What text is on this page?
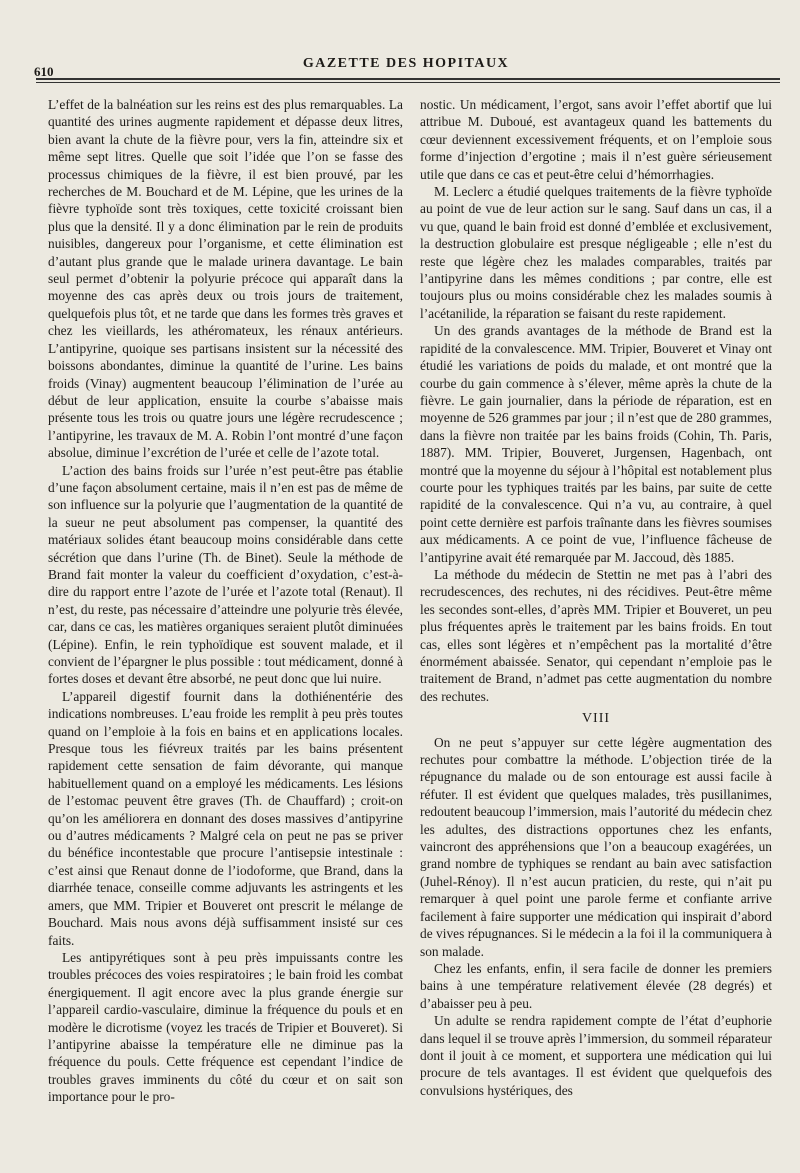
610
GAZETTE DES HOPITAUX

L’effet de la balnéation sur les reins est des plus remarquables. La quantité des urines augmente rapidement et dépasse deux litres, bien avant la chute de la fièvre pour, vers la fin, atteindre six et même sept litres. Quelle que soit l’idée que l’on se fasse des processus chimiques de la fièvre, il est bien prouvé, par les recherches de M. Bouchard et de M. Lépine, que les urines de la fièvre typhoïde sont très toxiques, cette toxicité croissant bien plus que la densité. Il y a donc élimination par le rein de produits nuisibles, dangereux pour l’organisme, et cette élimination est d’autant plus grande que le malade urinera davantage. Le bain seul permet d’obtenir la polyurie précoce qui apparaît dans la moyenne des cas après deux ou trois jours de traitement, quelquefois plus tôt, et ne tarde que dans les formes très graves et chez les vieillards, les athéromateux, les rénaux antérieurs. L’antipyrine, quoique ses partisans insistent sur la nécessité des boissons abondantes, diminue la quantité de l’urine. Les bains froids (Vinay) augmentent beaucoup l’élimination de l’urée au début de leur application, ensuite la courbe s’abaisse mais présente tous les trois ou quatre jours une légère recrudescence ; l’antipyrine, les travaux de M. A. Robin l’ont montré d’une façon absolue, diminue l’excrétion de l’urée et celle de l’azote total.

L’action des bains froids sur l’urée n’est peut-être pas établie d’une façon absolument certaine, mais il n’en est pas de même de son influence sur la polyurie que l’augmentation de la quantité de la sueur ne peut absolument pas compenser, la quantité des matériaux solides étant beaucoup moins considérable dans cette sécrétion que dans l’urine (Th. de Binet). Seule la méthode de Brand fait monter la valeur du coefficient d’oxydation, c’est-à-dire du rapport entre l’azote de l’urée et l’azote total (Renaut). Il n’est, du reste, pas nécessaire d’atteindre une polyurie très élevée, car, dans ce cas, les matières organiques seraient plutôt diminuées (Lépine). Enfin, le rein typhoïdique est souvent malade, et il convient de l’épargner le plus possible : tout médicament, donné à fortes doses et devant être absorbé, ne peut donc que lui nuire.

L’appareil digestif fournit dans la dothiénentérie des indications nombreuses. L’eau froide les remplit à peu près toutes quand on l’emploie à la fois en bains et en applications locales. Presque tous les fiévreux traités par les bains présentent rapidement cette sensation de faim dévorante, qui manque habituellement quand on a employé les médicaments. Les lésions de l’estomac peuvent être graves (Th. de Chauffard) ; croit-on qu’on les améliorera en donnant des doses massives d’antipyrine ou d’autres médicaments ? Malgré cela on peut ne pas se priver du bénéfice incontestable que procure l’antisepsie intestinale : c’est ainsi que Renaut donne de l’iodoforme, que Brand, dans la diarrhée tenace, conseille comme adjuvants les astringents et les amers, que MM. Tripier et Bouveret ont prescrit le mélange de Bouchard. Mais nous avons déjà suffisamment insisté sur ces faits.

Les antipyrétiques sont à peu près impuissants contre les troubles précoces des voies respiratoires ; le bain froid les combat énergiquement. Il agit encore avec la plus grande énergie sur l’appareil cardio-vasculaire, diminue la fréquence du pouls et en modère le dicrotisme (voyez les tracés de Tripier et Bouveret). Si l’antipyrine abaisse la température elle ne diminue pas la fréquence du pouls. Cette fréquence est cependant l’indice de troubles graves imminents du côté du cœur et on sait son importance pour le pro-

nostic. Un médicament, l’ergot, sans avoir l’effet abortif que lui attribue M. Duboué, est avantageux quand les battements du cœur deviennent excessivement fréquents, et on l’emploie sous forme d’injection d’ergotine ; mais il n’est guère sérieusement utile que dans ce cas et peut-être celui d’hémorrhagies.

M. Leclerc a étudié quelques traitements de la fièvre typhoïde au point de vue de leur action sur le sang. Sauf dans un cas, il a vu que, quand le bain froid est donné d’emblée et exclusivement, la destruction globulaire est presque négligeable ; elle n’est du reste que légère chez les malades comparables, traités par l’antipyrine dans les mêmes conditions ; par contre, elle est toujours plus ou moins considérable chez les malades soumis à l’acétanilide, la réparation se faisant du reste rapidement.

Un des grands avantages de la méthode de Brand est la rapidité de la convalescence. MM. Tripier, Bouveret et Vinay ont étudié les variations de poids du malade, et ont montré que la courbe du gain commence à s’élever, même après la chute de la fièvre. Le gain journalier, dans la période de réparation, est en moyenne de 526 grammes par jour ; il n’est que de 280 grammes, dans la fièvre non traitée par les bains froids (Cohin, Th. Paris, 1887). MM. Tripier, Bouveret, Jurgensen, Hagenbach, ont montré que la moyenne du séjour à l’hôpital est notablement plus courte pour les typhiques traités par les bains, par suite de cette rapidité de la convalescence. Qui n’a vu, au contraire, à quel point cette dernière est parfois traînante dans les fièvres soumises aux médicaments. A ce point de vue, l’influence fâcheuse de l’antipyrine avait été remarquée par M. Jaccoud, dès 1885.

La méthode du médecin de Stettin ne met pas à l’abri des recrudescences, des rechutes, ni des récidives. Peut-être même les secondes sont-elles, d’après MM. Tripier et Bouveret, un peu plus fréquentes après le traitement par les bains froids. En tout cas, elles sont légères et n’empêchent pas la mortalité d’être énormément abaissée. Senator, qui cependant n’emploie pas le traitement de Brand, n’admet pas cette augmentation du nombre des rechutes.

VIII

On ne peut s’appuyer sur cette légère augmentation des rechutes pour combattre la méthode. L’objection tirée de la répugnance du malade ou de son entourage est aussi facile à réfuter. Il est évident que quelques malades, très pusillanimes, redoutent beaucoup l’immersion, mais l’autorité du médecin chez les adultes, des distractions opportunes chez les enfants, vaincront des appréhensions que l’on a beaucoup exagérées, un grand nombre de typhiques se rendant au bain avec satisfaction (Juhel-Rénoy). Il n’est aucun praticien, du reste, qui n’ait pu remarquer à quel point une parole ferme et confiante arrive facilement à faire supporter une médication qui inspirait d’abord de vives répugnances. Si le médecin a la foi il la communiquera à son malade.

Chez les enfants, enfin, il sera facile de donner les premiers bains à une température relativement élevée (28 degrés) et d’abaisser peu à peu.

Un adulte se rendra rapidement compte de l’état d’euphorie dans lequel il se trouve après l’immersion, du sommeil réparateur dont il jouit à ce moment, et supportera une médication qui lui procure de tels avantages. Il est évident que quelquefois des convulsions hystériques, des
